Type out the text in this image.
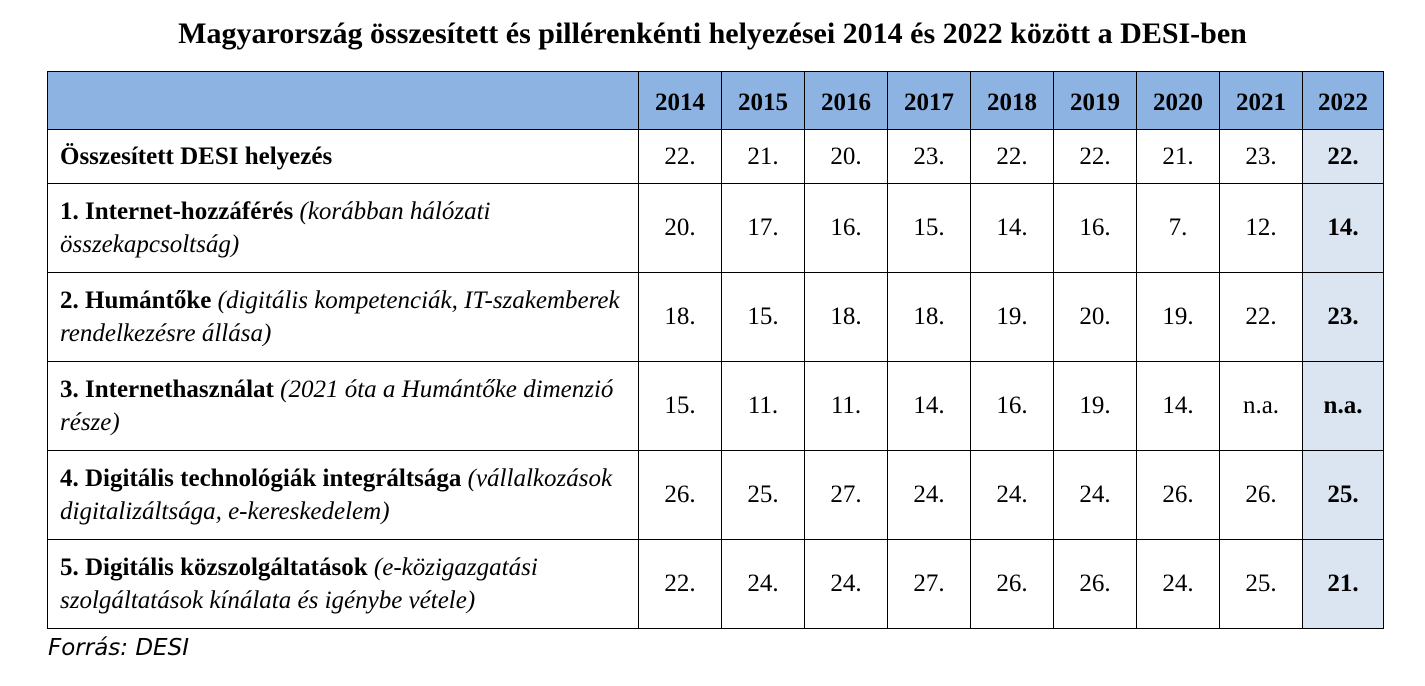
Magyarország összesített és pillérenkénti helyezései 2014 és 2022 között a DESI-ben
	2014	2015	2016	2017	2018	2019	2020	2021	2022
Összesített DESI helyezés	22.	21.	20.	23.	22.	22.	21.	23.	22.
1. Internet-hozzáférés (korábban hálózati összekapcsoltság)	20.	17.	16.	15.	14.	16.	7.	12.	14.
2. Humántőke (digitális kompetenciák, IT-szakemberek rendelkezésre állása)	18.	15.	18.	18.	19.	20.	19.	22.	23.
3. Internethasználat (2021 óta a Humántőke dimenzió része)	15.	11.	11.	14.	16.	19.	14.	n.a.	n.a.
4. Digitális technológiák integráltsága (vállalkozások digitalizáltsága, e-kereskedelem)	26.	25.	27.	24.	24.	24.	26.	26.	25.
5. Digitális közszolgáltatások (e-közigazgatási szolgáltatások kínálata és igénybe vétele)	22.	24.	24.	27.	26.	26.	24.	25.	21.
Forrás: DESI
